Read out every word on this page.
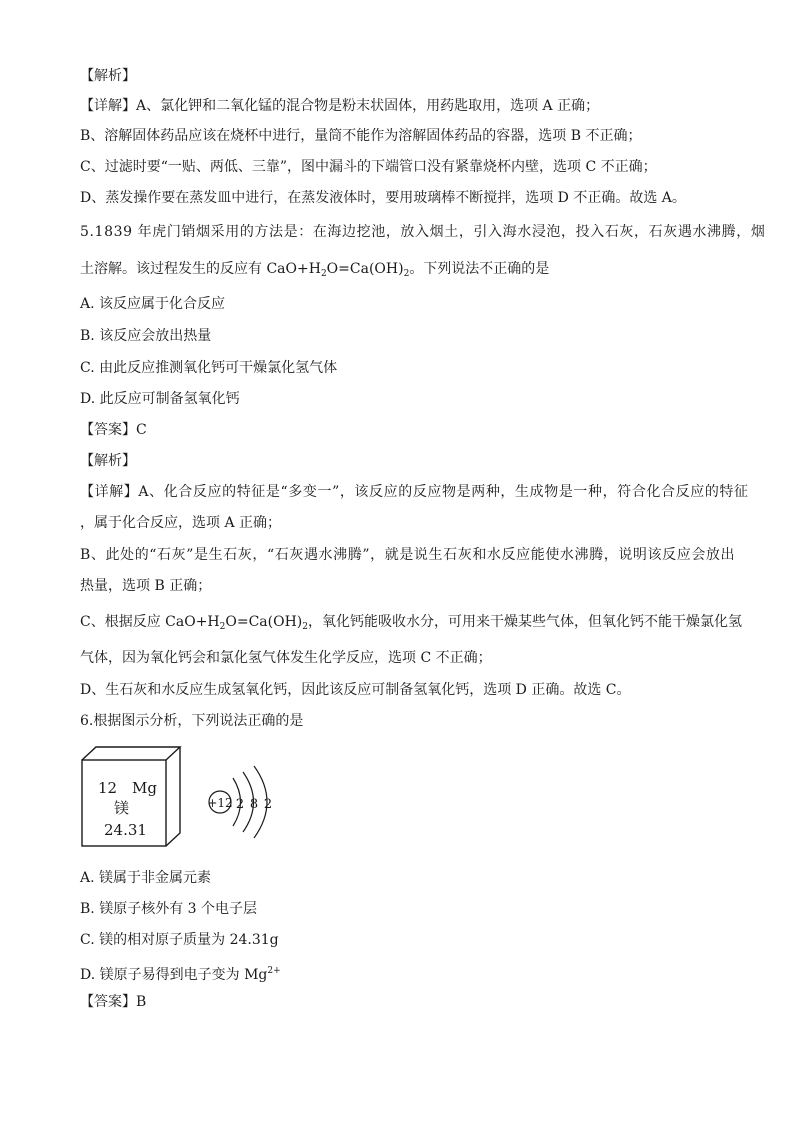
【解析】
【详解】A、氯化钾和二氧化锰的混合物是粉末状固体，用药匙取用，选项 A 正确；
B、溶解固体药品应该在烧杯中进行，量筒不能作为溶解固体药品的容器，选项 B 不正确；
C、过滤时要“一贴、两低、三靠”，图中漏斗的下端管口没有紧靠烧杯内壁，选项 C 不正确；
D、蒸发操作要在蒸发皿中进行，在蒸发液体时，要用玻璃棒不断搅拌，选项 D 不正确。故选 A。
5.1839 年虎门销烟采用的方法是：在海边挖池，放入烟土，引入海水浸泡，投入石灰，石灰遇水沸腾，烟
土溶解。该过程发生的反应有 $CaO+H_2O=Ca(OH)_2$。下列说法不正确的是
A. 该反应属于化合反应
B. 该反应会放出热量
C. 由此反应推测氧化钙可干燥氯化氢气体
D. 此反应可制备氢氧化钙
【答案】C
【解析】
【详解】A、化合反应的特征是“多变一”，该反应的反应物是两种，生成物是一种，符合化合反应的特征
，属于化合反应，选项 A 正确；
B、此处的“石灰”是生石灰，“石灰遇水沸腾”，就是说生石灰和水反应能使水沸腾，说明该反应会放出
热量，选项 B 正确；
C、根据反应 $CaO+H_2O=Ca(OH)_2$，氧化钙能吸收水分，可用来干燥某些气体，但氧化钙不能干燥氯化氢
气体，因为氧化钙会和氯化氢气体发生化学反应，选项 C 不正确；
D、生石灰和水反应生成氢氧化钙，因此该反应可制备氢氧化钙，选项 D 正确。故选 C。
6.根据图示分析，下列说法正确的是
12 Mg
镁
24.31
+12 2 8 2
A. 镁属于非金属元素
B. 镁原子核外有 3 个电子层
C. 镁的相对原子质量为 24.31g
D. 镁原子易得到电子变为 $Mg^{2+}$
【答案】B
